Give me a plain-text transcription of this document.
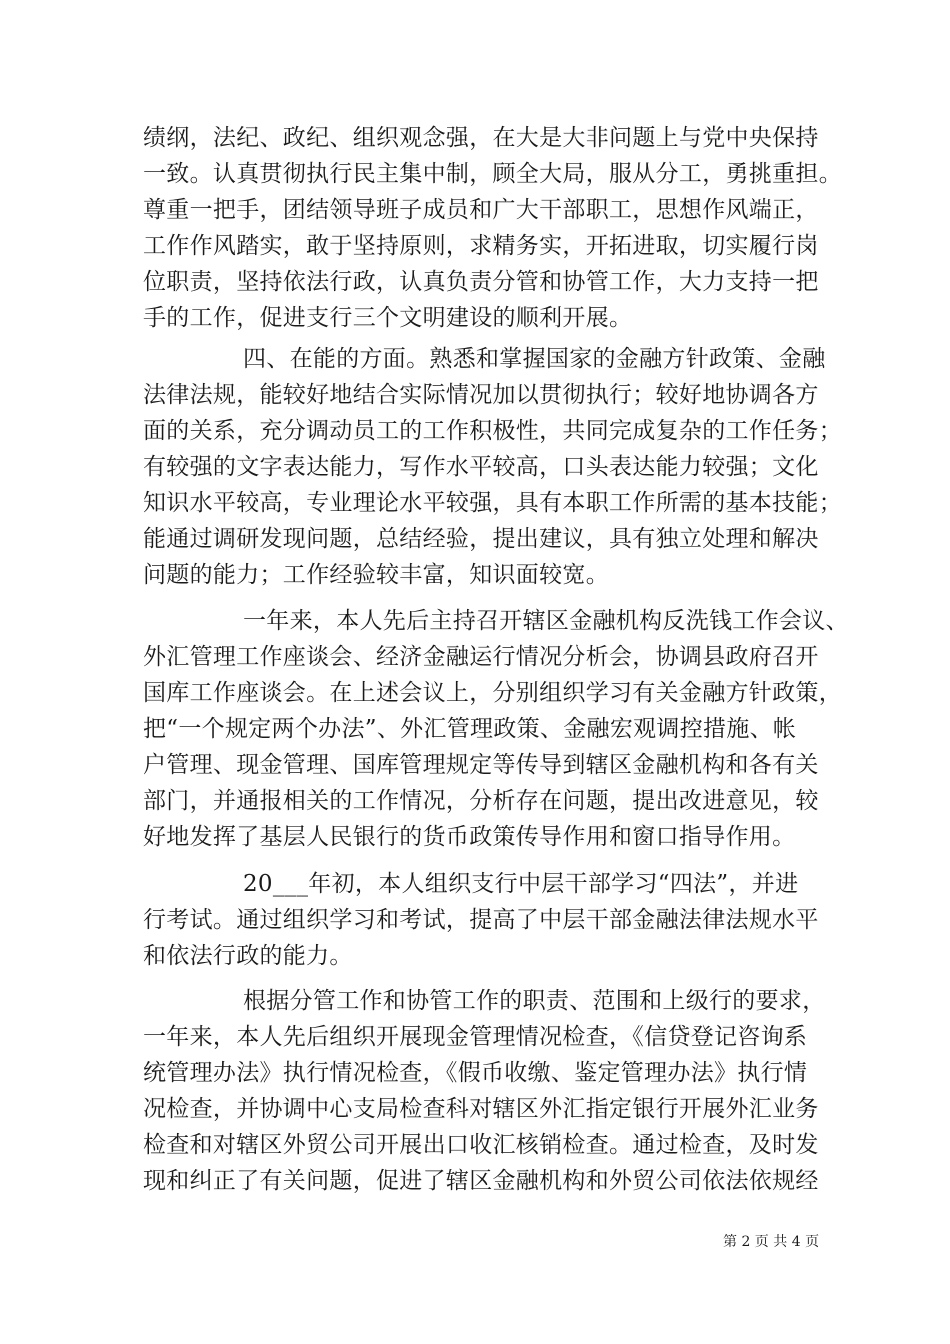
绩纲，法纪、政纪、组织观念强，在大是大非问题上与党中央保持
一致。认真贯彻执行民主集中制，顾全大局，服从分工，勇挑重担。
尊重一把手，团结领导班子成员和广大干部职工，思想作风端正，
工作作风踏实，敢于坚持原则，求精务实，开拓进取，切实履行岗
位职责，坚持依法行政，认真负责分管和协管工作，大力支持一把
手的工作，促进支行三个文明建设的顺利开展。
四、在能的方面。熟悉和掌握国家的金融方针政策、金融
法律法规，能较好地结合实际情况加以贯彻执行；较好地协调各方
面的关系，充分调动员工的工作积极性，共同完成复杂的工作任务；
有较强的文字表达能力，写作水平较高，口头表达能力较强；文化
知识水平较高，专业理论水平较强，具有本职工作所需的基本技能；
能通过调研发现问题，总结经验，提出建议，具有独立处理和解决
问题的能力；工作经验较丰富，知识面较宽。
一年来，本人先后主持召开辖区金融机构反洗钱工作会议、
外汇管理工作座谈会、经济金融运行情况分析会，协调县政府召开
国库工作座谈会。在上述会议上，分别组织学习有关金融方针政策，
把“一个规定两个办法”、外汇管理政策、金融宏观调控措施、帐
户管理、现金管理、国库管理规定等传导到辖区金融机构和各有关
部门，并通报相关的工作情况，分析存在问题，提出改进意见，较
好地发挥了基层人民银行的货币政策传导作用和窗口指导作用。
20___年初，本人组织支行中层干部学习“四法”，并进
行考试。通过组织学习和考试，提高了中层干部金融法律法规水平
和依法行政的能力。
根据分管工作和协管工作的职责、范围和上级行的要求，
一年来，本人先后组织开展现金管理情况检查，《信贷登记咨询系
统管理办法》执行情况检查，《假币收缴、鉴定管理办法》执行情
况检查，并协调中心支局检查科对辖区外汇指定银行开展外汇业务
检查和对辖区外贸公司开展出口收汇核销检查。通过检查，及时发
现和纠正了有关问题，促进了辖区金融机构和外贸公司依法依规经
第 2 页 共 4 页
